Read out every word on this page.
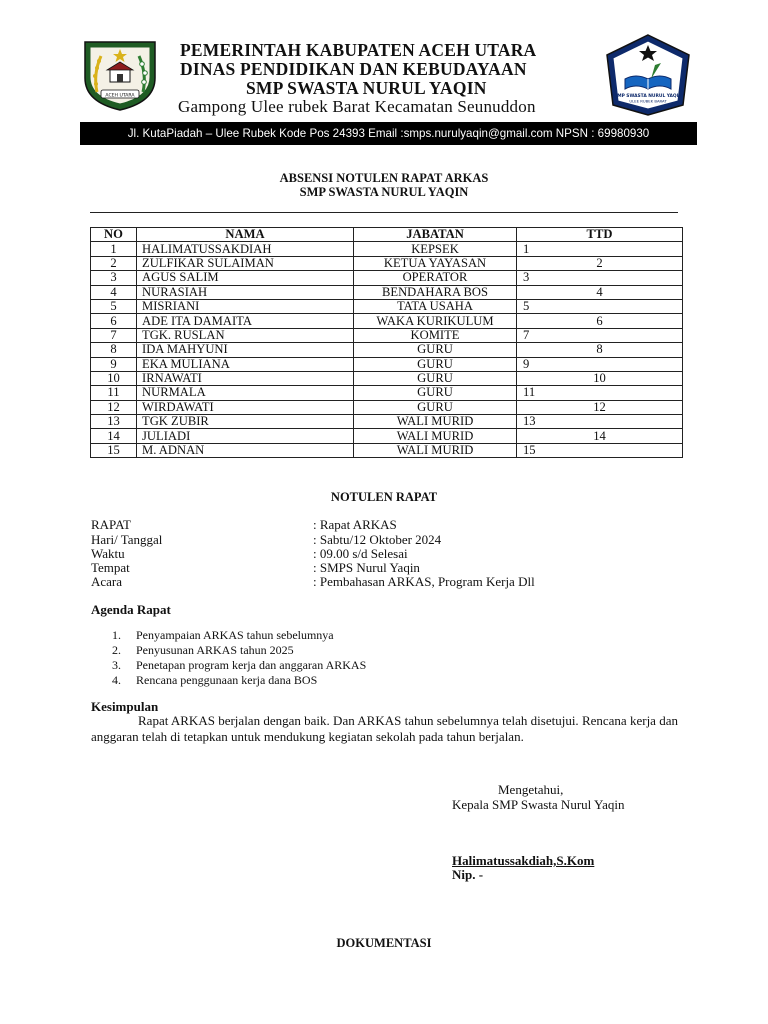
ACEH UTARA
PEMERINTAH KABUPATEN ACEH UTARA
DINAS PENDIDIKAN DAN KEBUDAYAAN
SMP SWASTA NURUL YAQIN
Gampong Ulee rubek Barat Kecamatan Seunuddon
SMP SWASTA NURUL YAQIN
ULEE RUBEK BARAT
Jl. KutaPiadah – Ulee Rubek Kode Pos 24393 Email :smps.nurulyaqin@gmail.com NPSN : 69980930
ABSENSI NOTULEN RAPAT ARKAS
SMP SWASTA NURUL YAQIN
NO	NAMA	JABATAN	TTD
1	HALIMATUSSAKDIAH	KEPSEK	1
2	ZULFIKAR SULAIMAN	KETUA YAYASAN	2
3	AGUS SALIM	OPERATOR	3
4	NURASIAH	BENDAHARA BOS	4
5	MISRIANI	TATA USAHA	5
6	ADE ITA DAMAITA	WAKA KURIKULUM	6
7	TGK. RUSLAN	KOMITE	7
8	IDA MAHYUNI	GURU	8
9	EKA MULIANA	GURU	9
10	IRNAWATI	GURU	10
11	NURMALA	GURU	11
12	WIRDAWATI	GURU	12
13	TGK ZUBIR	WALI MURID	13
14	JULIADI	WALI MURID	14
15	M. ADNAN	WALI MURID	15
NOTULEN RAPAT
RAPAT	: Rapat ARKAS
Hari/ Tanggal	: Sabtu/12 Oktober 2024
Waktu	: 09.00 s/d Selesai
Tempat	: SMPS Nurul Yaqin
Acara	: Pembahasan ARKAS, Program Kerja Dll
Agenda Rapat
1. Penyampaian ARKAS tahun sebelumnya
2. Penyusunan ARKAS tahun 2025
3. Penetapan program kerja dan anggaran ARKAS
4. Rencana penggunaan kerja dana BOS
Kesimpulan
Rapat ARKAS berjalan dengan baik. Dan ARKAS tahun sebelumnya telah disetujui. Rencana kerja dan anggaran telah di tetapkan untuk mendukung kegiatan sekolah pada tahun berjalan.
Mengetahui,
Kepala SMP Swasta Nurul Yaqin
Halimatussakdiah,S.Kom
Nip. -
DOKUMENTASI
